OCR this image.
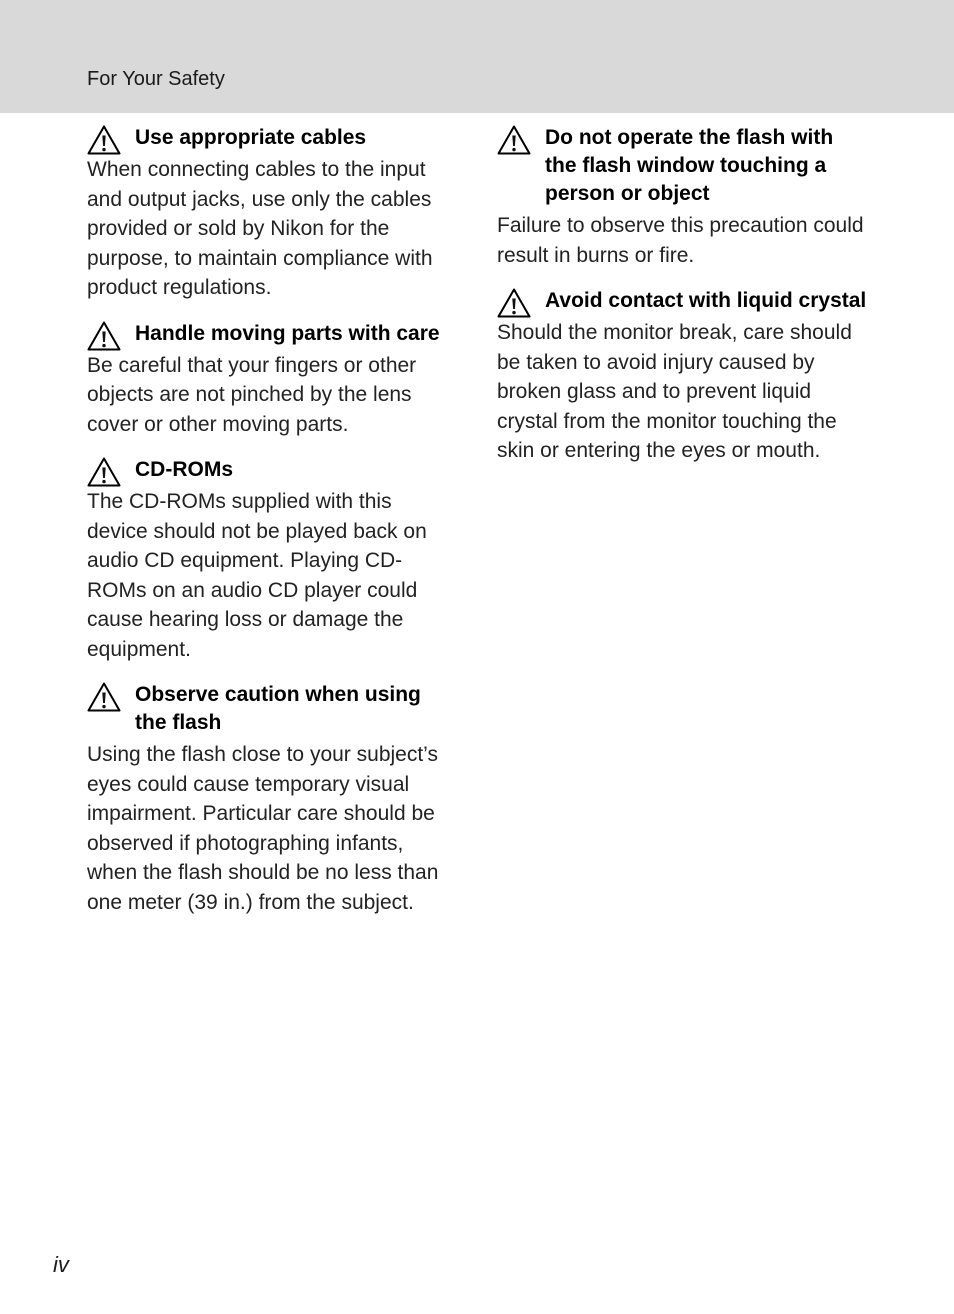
For Your Safety
Use appropriate cables
When connecting cables to the input and output jacks, use only the cables provided or sold by Nikon for the purpose, to maintain compliance with product regulations.
Handle moving parts with care
Be careful that your fingers or other objects are not pinched by the lens cover or other moving parts.
CD-ROMs
The CD-ROMs supplied with this device should not be played back on audio CD equipment. Playing CD-ROMs on an audio CD player could cause hearing loss or damage the equipment.
Observe caution when using the flash
Using the flash close to your subject’s eyes could cause temporary visual impairment. Particular care should be observed if photographing infants, when the flash should be no less than one meter (39 in.) from the subject.
Do not operate the flash with the flash window touching a person or object
Failure to observe this precaution could result in burns or fire.
Avoid contact with liquid crystal
Should the monitor break, care should be taken to avoid injury caused by broken glass and to prevent liquid crystal from the monitor touching the skin or entering the eyes or mouth.
iv
